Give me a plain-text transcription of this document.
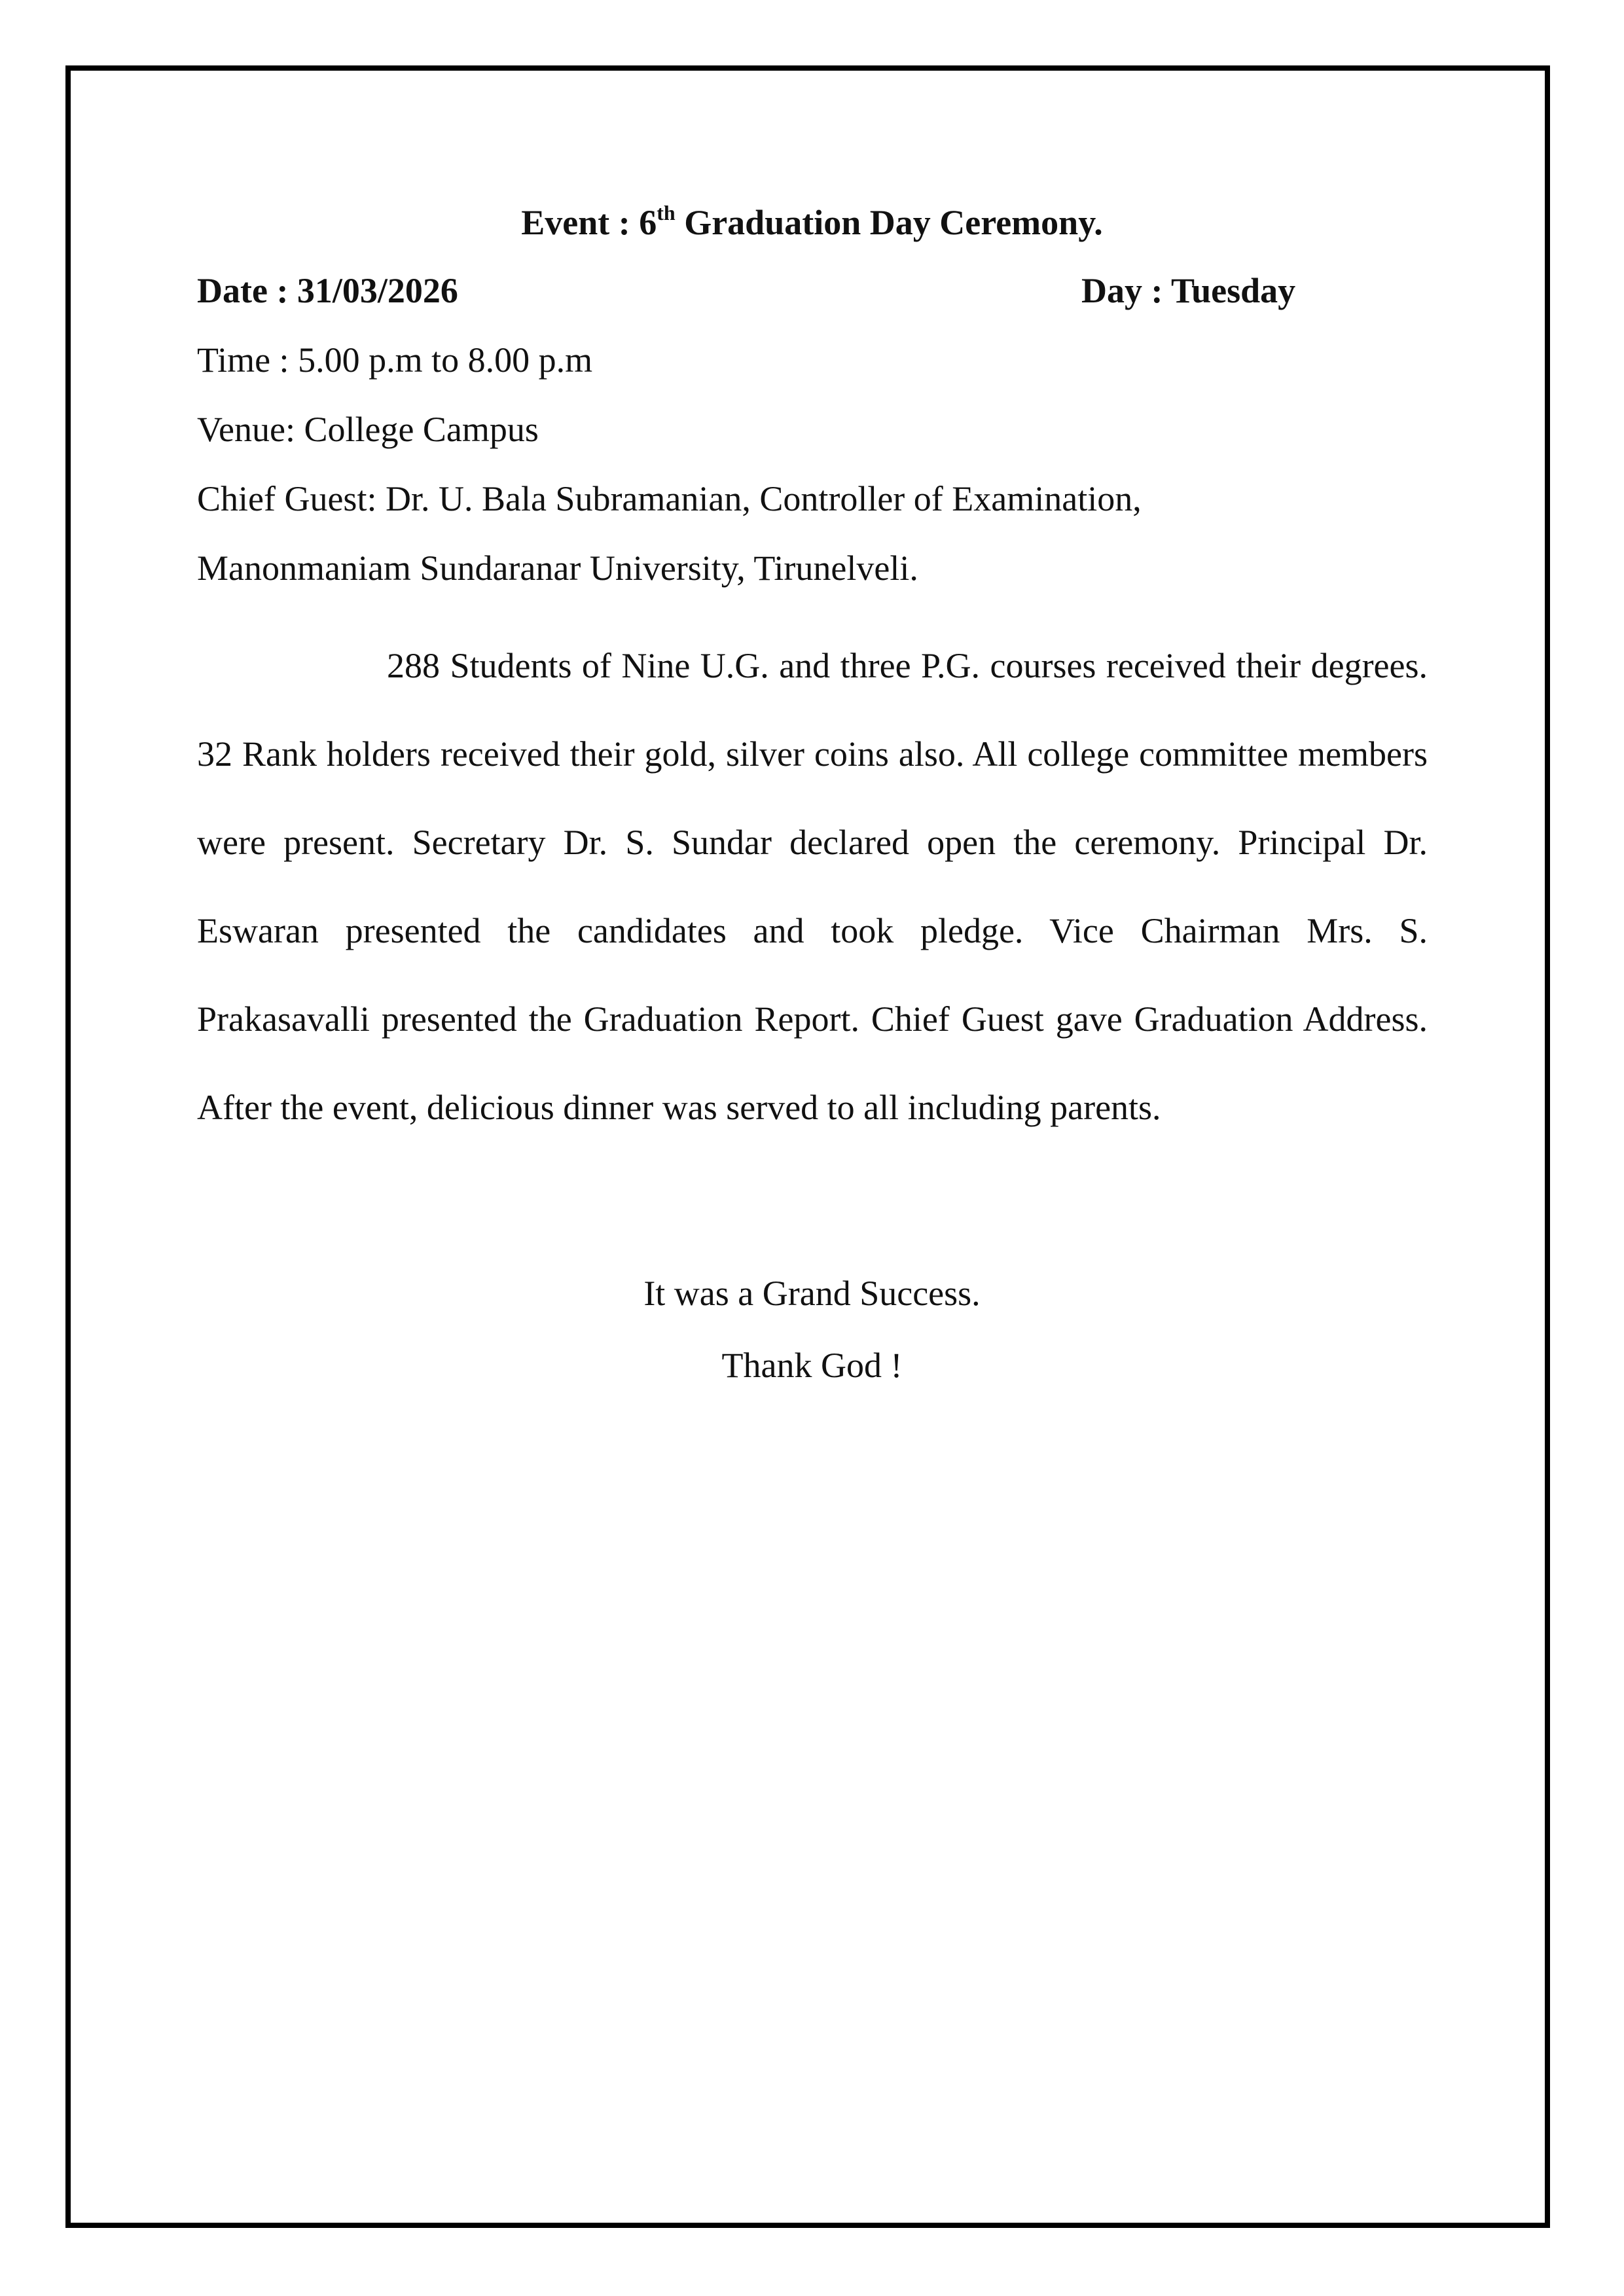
Event : 6th Graduation Day Ceremony.
Date : 31/03/2026	Day : Tuesday
Time : 5.00 p.m to 8.00 p.m
Venue: College Campus
Chief Guest: Dr. U. Bala Subramanian, Controller of Examination,
Manonmaniam Sundaranar University, Tirunelveli.

288 Students of Nine U.G. and three P.G. courses received their degrees. 32 Rank holders received their gold, silver coins also. All college committee members were present. Secretary Dr. S. Sundar declared open the ceremony. Principal Dr. Eswaran presented the candidates and took pledge. Vice Chairman Mrs. S. Prakasavalli presented the Graduation Report. Chief Guest gave Graduation Address. After the event, delicious dinner was served to all including parents.

It was a Grand Success.
Thank God !
